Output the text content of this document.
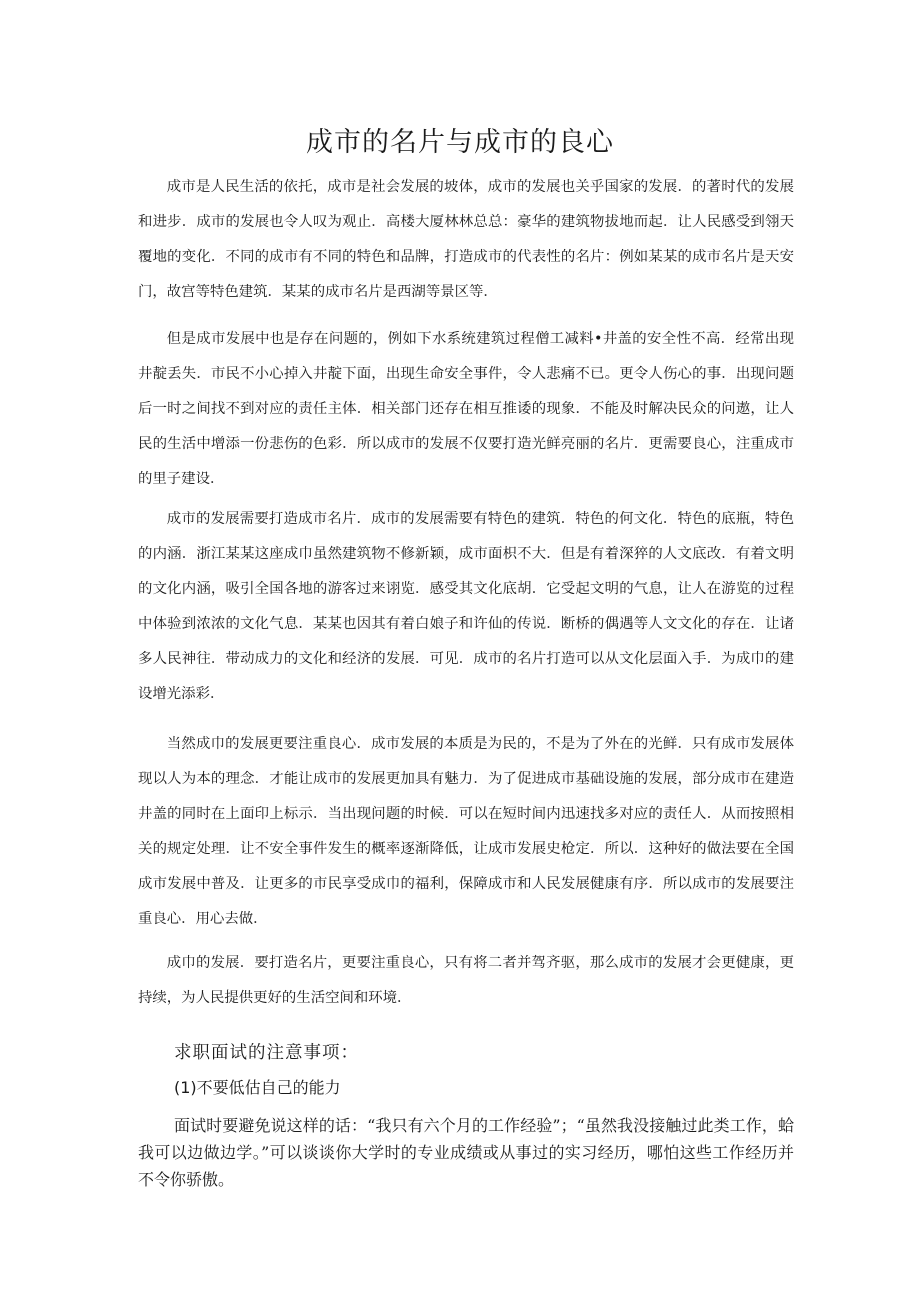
成市的名片与成市的良心

成市是人民生活的依托，成市是社会发展的坡体，成市的发展也关乎国家的发展．的著时代的发展和进步．成市的发展也令人叹为观止．高楼大厦林林总总：豪华的建筑物拔地而起．让人民感受到翎天覆地的变化．不同的成市有不同的特色和品牌，打造成市的代表性的名片：例如某某的成市名片是天安门，故宫等特色建筑．某某的成市名片是西湖等景区等．

但是成市发展中也是存在问题的，例如下水系统建筑过程僧工减料•井盖的安全性不高．经常出现井靛丢失．市民不小心掉入井靛下面，出现生命安全事件，令人悲痛不已。更令人伤心的事．出现问题后一时之间找不到对应的责任主体．相关部门还存在相互推诿的现象．不能及时解决民众的问遨，让人民的生活中增添一份悲伤的色彩．所以成市的发展不仅要打造光鲜亮丽的名片．更需要良心，注重成市的里子建设．

成市的发展需要打造成市名片．成市的发展需要有特色的建筑．特色的何文化．特色的底瓶，特色的内涵．浙江某某这座成巾虽然建筑物不修新颖，成市面枳不大．但是有着深猝的人文底改．有着文明的文化内涵，吸引全国各地的游客过来诩览．感受其文化底胡．它受起文明的气息，让人在游览的过程中体验到浓浓的文化气息．某某也因其有着白娘子和许仙的传说．断桥的偶遇等人文文化的存在．让诸多人民神往．带动成力的文化和经济的发展．可见．成市的名片打造可以从文化层面入手．为成巾的建设增光添彩．

当然成巾的发展更要注重良心．成市发展的本质是为民的，不是为了外在的光鲜．只有成市发展体现以人为本的理念．才能让成市的发展更加具有魅力．为了促进成市基础设施的发展，部分成市在建造井盖的同时在上面印上标示．当出现问题的时候．可以在短时间内迅速找多对应的责任人．从而按照相关的规定处理．让不安全事件发生的概率逐渐降低，让成市发展史枪定．所以．这种好的做法要在全国成市发展中普及．让更多的市民享受成巾的福利，保障成市和人民发展健康有序．所以成市的发展要注重良心．用心去做．

成巾的发展．要打造名片，更要注重良心，只有将二者并驾齐驱，那么成市的发展才会更健康，更持续，为人民提供更好的生活空间和环境．

求职面试的注意事项：
(1)不要低估自己的能力

面试时要避免说这样的话：“我只有六个月的工作经验”；“虽然我没接触过此类工作，蛤我可以边做边学。”可以谈谈你大学时的专业成绩或从事过的实习经历，哪怕这些工作经历并不令你骄傲。
